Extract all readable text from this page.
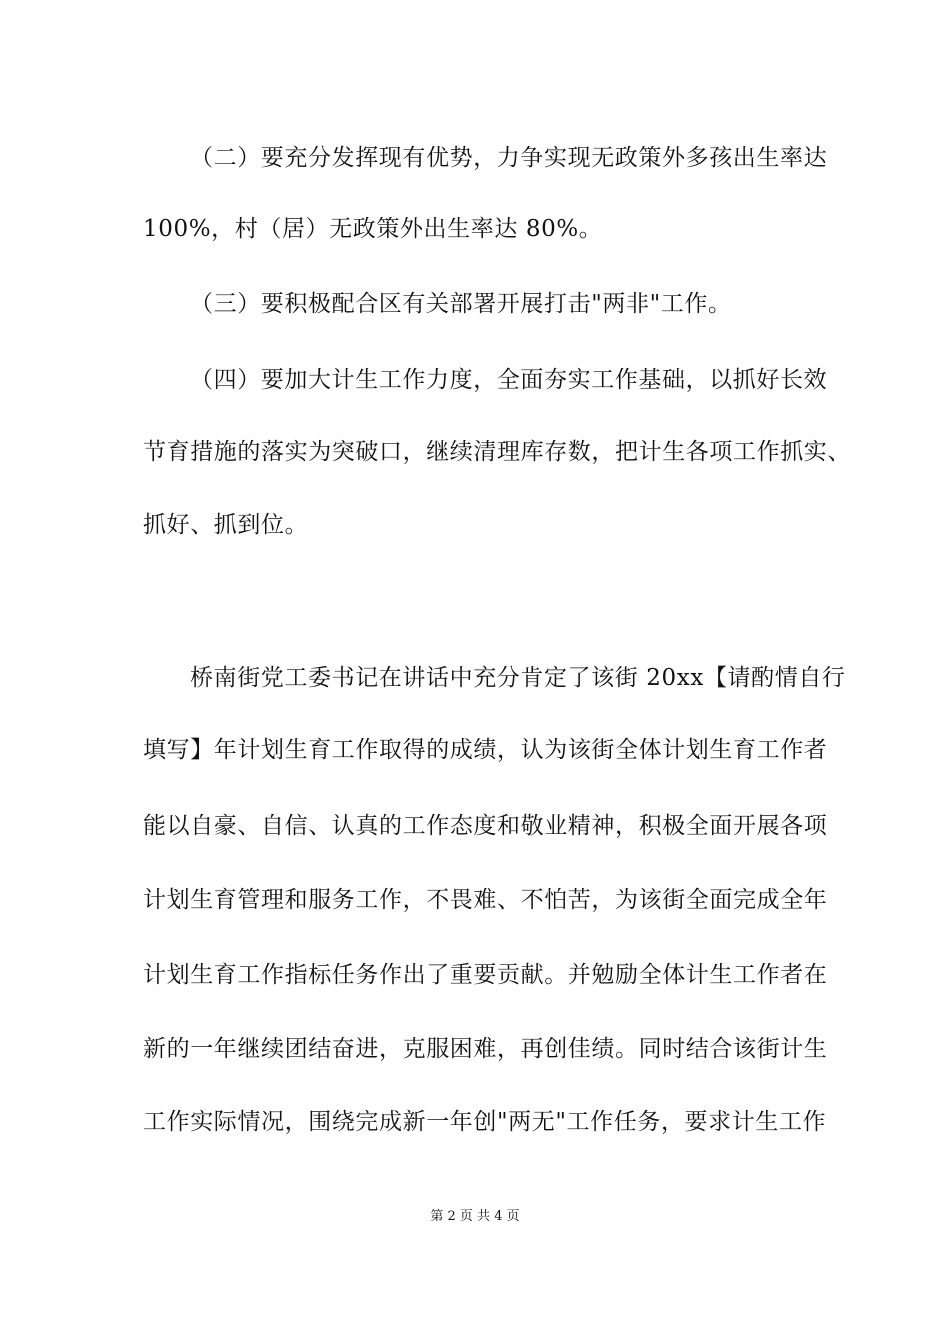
（二）要充分发挥现有优势，力争实现无政策外多孩出生率达
100%，村（居）无政策外出生率达 80%。
（三）要积极配合区有关部署开展打击"两非"工作。
（四）要加大计生工作力度，全面夯实工作基础，以抓好长效
节育措施的落实为突破口，继续清理库存数，把计生各项工作抓实、
抓好、抓到位。
桥南街党工委书记在讲话中充分肯定了该街 20xx【请酌情自行
填写】年计划生育工作取得的成绩，认为该街全体计划生育工作者
能以自豪、自信、认真的工作态度和敬业精神，积极全面开展各项
计划生育管理和服务工作，不畏难、不怕苦，为该街全面完成全年
计划生育工作指标任务作出了重要贡献。并勉励全体计生工作者在
新的一年继续团结奋进，克服困难，再创佳绩。同时结合该街计生
工作实际情况，围绕完成新一年创"两无"工作任务，要求计生工作
第 2 页 共 4 页
